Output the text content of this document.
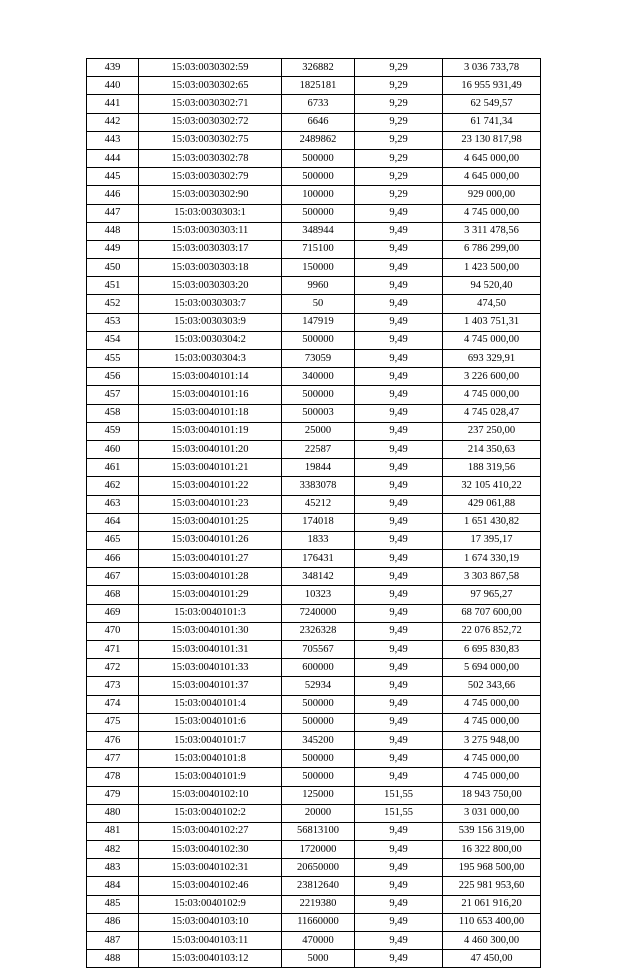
439	15:03:0030302:59	326882	9,29	3 036 733,78
440	15:03:0030302:65	1825181	9,29	16 955 931,49
441	15:03:0030302:71	6733	9,29	62 549,57
442	15:03:0030302:72	6646	9,29	61 741,34
443	15:03:0030302:75	2489862	9,29	23 130 817,98
444	15:03:0030302:78	500000	9,29	4 645 000,00
445	15:03:0030302:79	500000	9,29	4 645 000,00
446	15:03:0030302:90	100000	9,29	929 000,00
447	15:03:0030303:1	500000	9,49	4 745 000,00
448	15:03:0030303:11	348944	9,49	3 311 478,56
449	15:03:0030303:17	715100	9,49	6 786 299,00
450	15:03:0030303:18	150000	9,49	1 423 500,00
451	15:03:0030303:20	9960	9,49	94 520,40
452	15:03:0030303:7	50	9,49	474,50
453	15:03:0030303:9	147919	9,49	1 403 751,31
454	15:03:0030304:2	500000	9,49	4 745 000,00
455	15:03:0030304:3	73059	9,49	693 329,91
456	15:03:0040101:14	340000	9,49	3 226 600,00
457	15:03:0040101:16	500000	9,49	4 745 000,00
458	15:03:0040101:18	500003	9,49	4 745 028,47
459	15:03:0040101:19	25000	9,49	237 250,00
460	15:03:0040101:20	22587	9,49	214 350,63
461	15:03:0040101:21	19844	9,49	188 319,56
462	15:03:0040101:22	3383078	9,49	32 105 410,22
463	15:03:0040101:23	45212	9,49	429 061,88
464	15:03:0040101:25	174018	9,49	1 651 430,82
465	15:03:0040101:26	1833	9,49	17 395,17
466	15:03:0040101:27	176431	9,49	1 674 330,19
467	15:03:0040101:28	348142	9,49	3 303 867,58
468	15:03:0040101:29	10323	9,49	97 965,27
469	15:03:0040101:3	7240000	9,49	68 707 600,00
470	15:03:0040101:30	2326328	9,49	22 076 852,72
471	15:03:0040101:31	705567	9,49	6 695 830,83
472	15:03:0040101:33	600000	9,49	5 694 000,00
473	15:03:0040101:37	52934	9,49	502 343,66
474	15:03:0040101:4	500000	9,49	4 745 000,00
475	15:03:0040101:6	500000	9,49	4 745 000,00
476	15:03:0040101:7	345200	9,49	3 275 948,00
477	15:03:0040101:8	500000	9,49	4 745 000,00
478	15:03:0040101:9	500000	9,49	4 745 000,00
479	15:03:0040102:10	125000	151,55	18 943 750,00
480	15:03:0040102:2	20000	151,55	3 031 000,00
481	15:03:0040102:27	56813100	9,49	539 156 319,00
482	15:03:0040102:30	1720000	9,49	16 322 800,00
483	15:03:0040102:31	20650000	9,49	195 968 500,00
484	15:03:0040102:46	23812640	9,49	225 981 953,60
485	15:03:0040102:9	2219380	9,49	21 061 916,20
486	15:03:0040103:10	11660000	9,49	110 653 400,00
487	15:03:0040103:11	470000	9,49	4 460 300,00
488	15:03:0040103:12	5000	9,49	47 450,00
